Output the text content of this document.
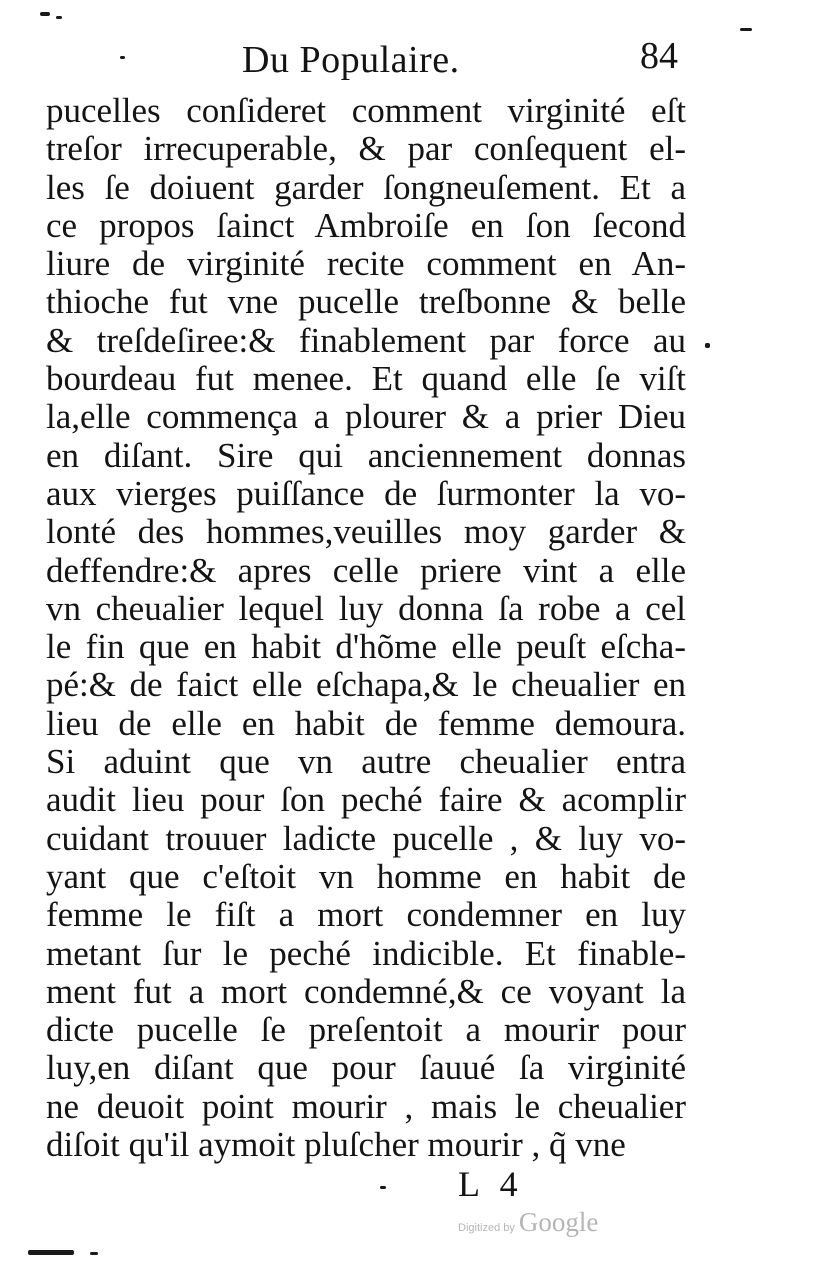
Du Populaire.	84
pucelles conſideret comment virginité eſt
treſor irrecuperable, & par conſequent el-
les ſe doiuent garder ſongneuſement. Et a
ce propos ſainct Ambroiſe en ſon ſecond
liure de virginité recite comment en An-
thioche fut vne pucelle treſbonne & belle
& treſdeſiree:& finablement par force au
bourdeau fut menee. Et quand elle ſe viſt
la,elle commença a plourer & a prier Dieu
en diſant. Sire qui anciennement donnas
aux vierges puiſſance de ſurmonter la vo-
lonté des hommes,veuilles moy garder &
deffendre:& apres celle priere vint a elle
vn cheualier lequel luy donna ſa robe a cel
le fin que en habit d'hõme elle peuſt eſcha-
pé:& de faict elle eſchapa,& le cheualier en
lieu de elle en habit de femme demoura.
Si aduint que vn autre cheualier entra
audit lieu pour ſon peché faire & acomplir
cuidant trouuer ladicte pucelle , & luy vo-
yant que c'eſtoit vn homme en habit de
femme le fiſt a mort condemner en luy
metant ſur le peché indicible. Et finable-
ment fut a mort condemné,& ce voyant la
dicte pucelle ſe preſentoit a mourir pour
luy,en diſant que pour ſauué ſa virginité
ne deuoit point mourir , mais le cheualier
diſoit qu'il aymoit pluſcher mourir , q̃ vne
L 4
Digitized by Google
